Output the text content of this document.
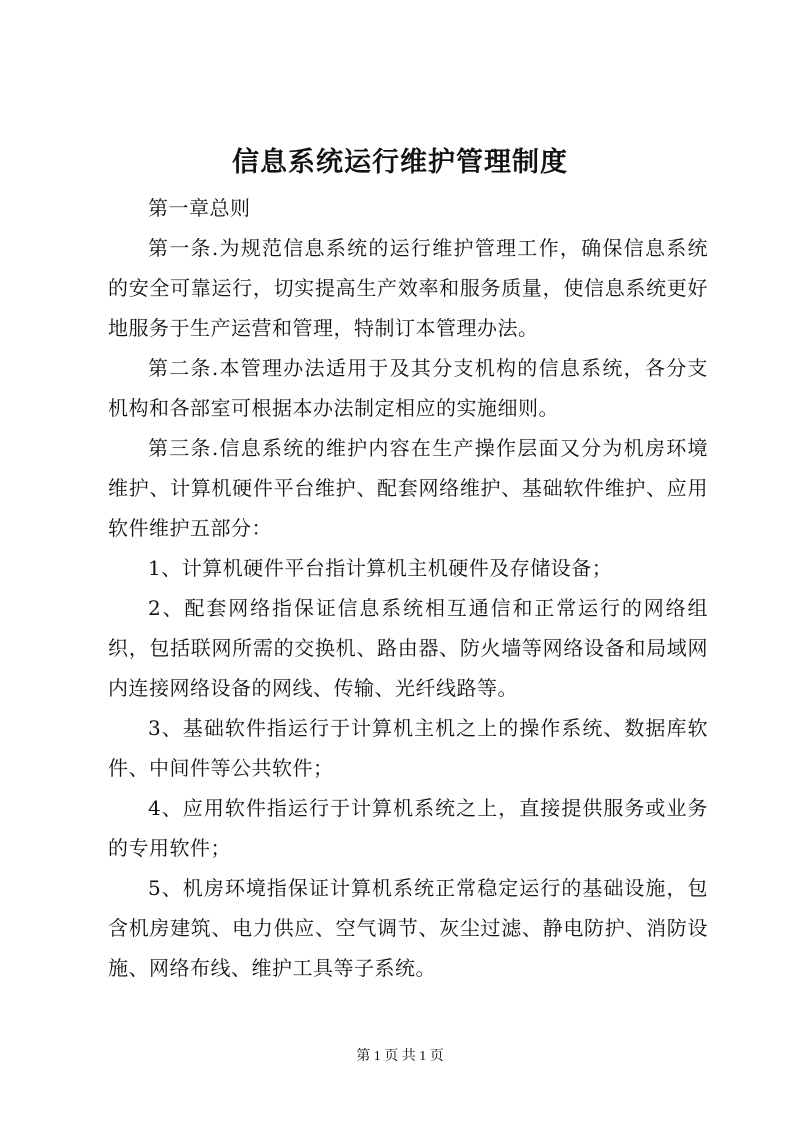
信息系统运行维护管理制度

第一章总则

第一条.为规范信息系统的运行维护管理工作，确保信息系统的安全可靠运行，切实提高生产效率和服务质量，使信息系统更好地服务于生产运营和管理，特制订本管理办法。

第二条.本管理办法适用于及其分支机构的信息系统，各分支机构和各部室可根据本办法制定相应的实施细则。

第三条.信息系统的维护内容在生产操作层面又分为机房环境维护、计算机硬件平台维护、配套网络维护、基础软件维护、应用软件维护五部分：

1、计算机硬件平台指计算机主机硬件及存储设备；

2、配套网络指保证信息系统相互通信和正常运行的网络组织，包括联网所需的交换机、路由器、防火墙等网络设备和局域网内连接网络设备的网线、传输、光纤线路等。

3、基础软件指运行于计算机主机之上的操作系统、数据库软件、中间件等公共软件；

4、应用软件指运行于计算机系统之上，直接提供服务或业务的专用软件；

5、机房环境指保证计算机系统正常稳定运行的基础设施，包含机房建筑、电力供应、空气调节、灰尘过滤、静电防护、消防设施、网络布线、维护工具等子系统。

第 1 页 共 1 页
